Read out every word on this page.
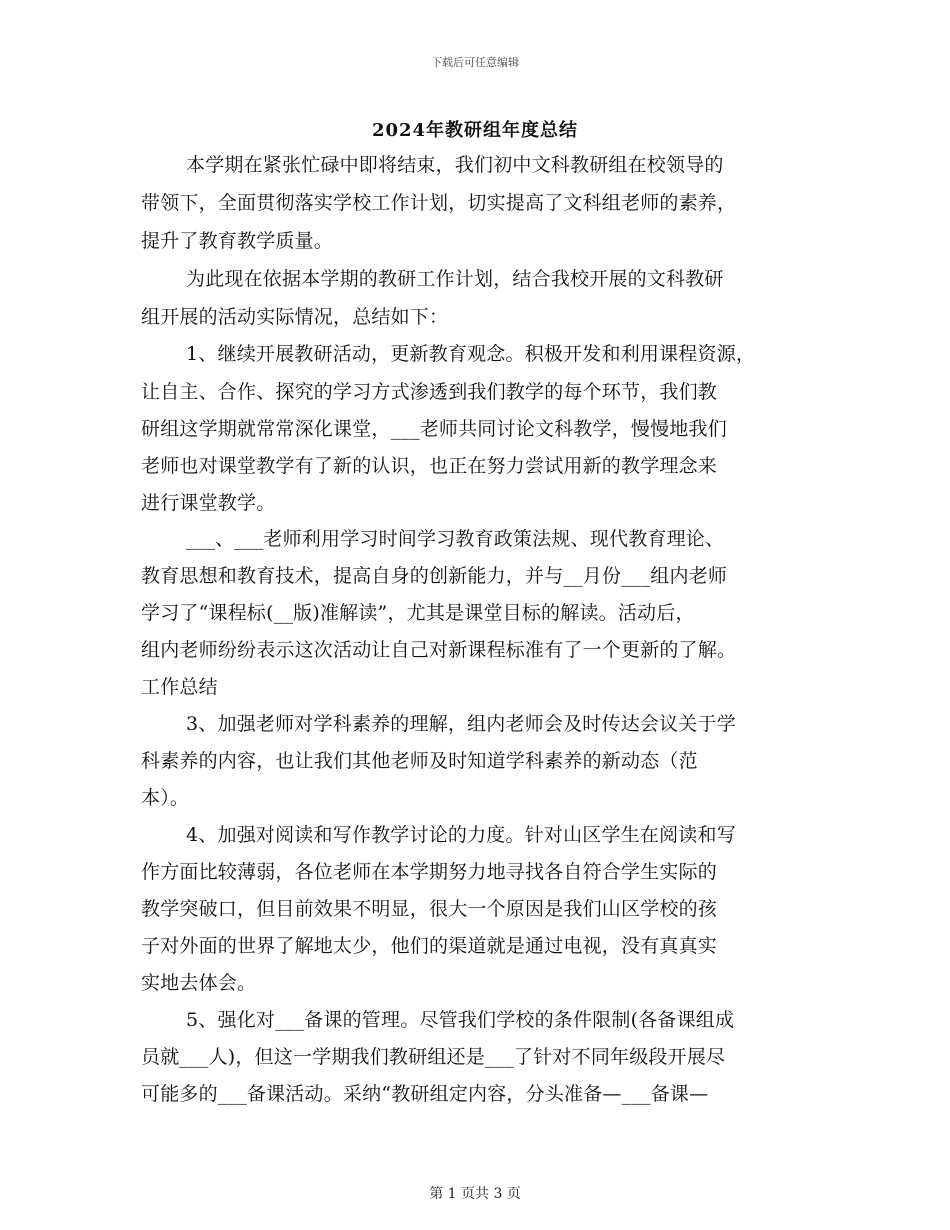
下载后可任意编辑
2024年教研组年度总结
本学期在紧张忙碌中即将结束，我们初中文科教研组在校领导的
带领下，全面贯彻落实学校工作计划，切实提高了文科组老师的素养，
提升了教育教学质量。
为此现在依据本学期的教研工作计划，结合我校开展的文科教研
组开展的活动实际情况，总结如下：
1、继续开展教研活动，更新教育观念。积极开发和利用课程资源，
让自主、合作、探究的学习方式渗透到我们教学的每个环节，我们教
研组这学期就常常深化课堂，___老师共同讨论文科教学，慢慢地我们
老师也对课堂教学有了新的认识，也正在努力尝试用新的教学理念来
进行课堂教学。
___、___老师利用学习时间学习教育政策法规、现代教育理论、
教育思想和教育技术，提高自身的创新能力，并与__月份___组内老师
学习了“课程标(__版)准解读”，尤其是课堂目标的解读。活动后，
组内老师纷纷表示这次活动让自己对新课程标准有了一个更新的了解。
工作总结
3、加强老师对学科素养的理解，组内老师会及时传达会议关于学
科素养的内容，也让我们其他老师及时知道学科素养的新动态（范
本）。
4、加强对阅读和写作教学讨论的力度。针对山区学生在阅读和写
作方面比较薄弱，各位老师在本学期努力地寻找各自符合学生实际的
教学突破口，但目前效果不明显，很大一个原因是我们山区学校的孩
子对外面的世界了解地太少，他们的渠道就是通过电视，没有真真实
实地去体会。
5、强化对___备课的管理。尽管我们学校的条件限制(各备课组成
员就___人)，但这一学期我们教研组还是___了针对不同年级段开展尽
可能多的___备课活动。采纳“教研组定内容，分头准备—___备课—
第 1 页共 3 页
